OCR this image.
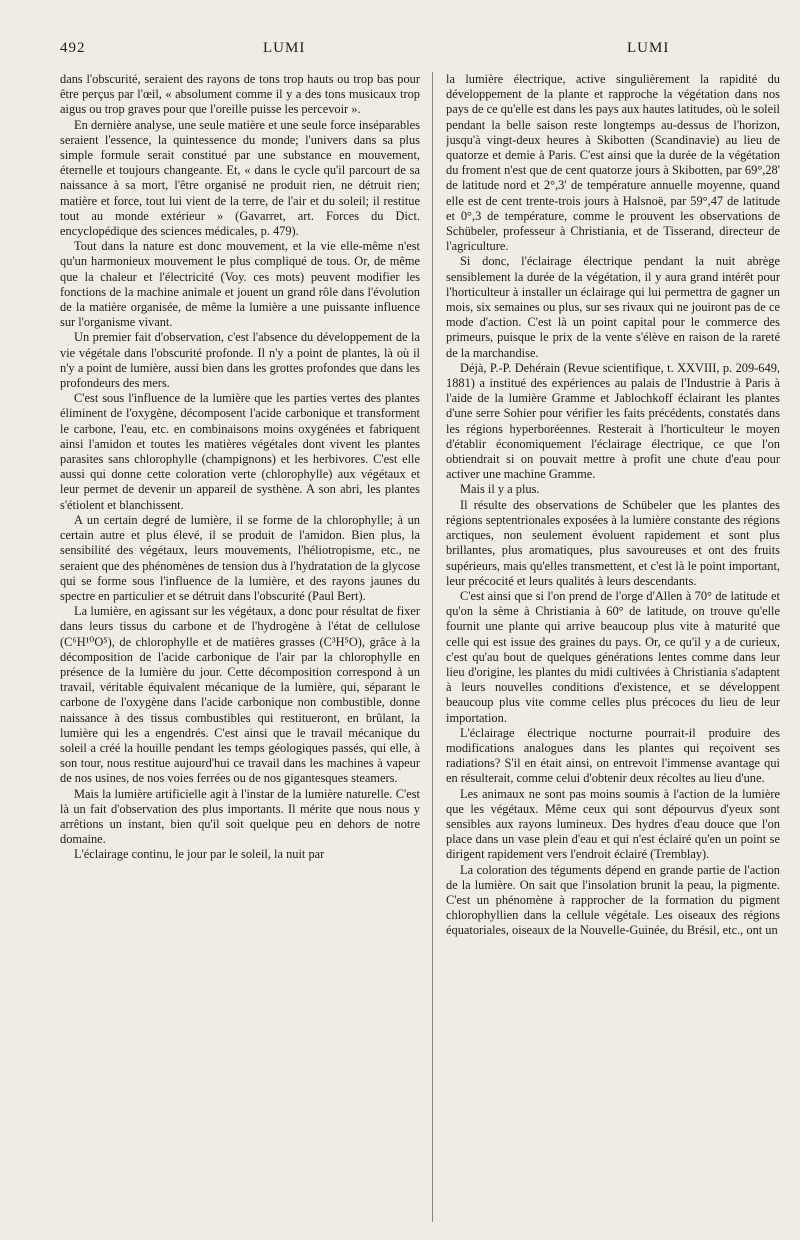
492	LUMI	LUMI

dans l'obscurité, seraient des rayons de tons trop hauts ou trop bas pour être perçus par l'œil, « absolument comme il y a des tons musicaux trop aigus ou trop graves pour que l'oreille puisse les percevoir ».

En dernière analyse, une seule matière et une seule force inséparables seraient l'essence, la quintessence du monde; l'univers dans sa plus simple formule serait constitué par une substance en mouvement, éternelle et toujours changeante. Et, « dans le cycle qu'il parcourt de sa naissance à sa mort, l'être organisé ne produit rien, ne détruit rien; matière et force, tout lui vient de la terre, de l'air et du soleil; il restitue tout au monde extérieur » (Gavarret, art. Forces du Dict. encyclopédique des sciences médicales, p. 479).

Tout dans la nature est donc mouvement, et la vie elle-même n'est qu'un harmonieux mouvement le plus compliqué de tous. Or, de même que la chaleur et l'électricité (Voy. ces mots) peuvent modifier les fonctions de la machine animale et jouent un grand rôle dans l'évolution de la matière organisée, de même la lumière a une puissante influence sur l'organisme vivant.

Un premier fait d'observation, c'est l'absence du développement de la vie végétale dans l'obscurité profonde. Il n'y a point de plantes, là où il n'y a point de lumière, aussi bien dans les grottes profondes que dans les profondeurs des mers.

C'est sous l'influence de la lumière que les parties vertes des plantes éliminent de l'oxygène, décomposent l'acide carbonique et transforment le carbone, l'eau, etc. en combinaisons moins oxygénées et fabriquent ainsi l'amidon et toutes les matières végétales dont vivent les plantes parasites sans chlorophylle (champignons) et les herbivores. C'est elle aussi qui donne cette coloration verte (chlorophylle) aux végétaux et leur permet de devenir un appareil de systhène. A son abri, les plantes s'étiolent et blanchissent.

A un certain degré de lumière, il se forme de la chlorophylle; à un certain autre et plus élevé, il se produit de l'amidon. Bien plus, la sensibilité des végétaux, leurs mouvements, l'héliotropisme, etc., ne seraient que des phénomènes de tension dus à l'hydratation de la glycose qui se forme sous l'influence de la lumière, et des rayons jaunes du spectre en particulier et se détruit dans l'obscurité (Paul Bert).

La lumière, en agissant sur les végétaux, a donc pour résultat de fixer dans leurs tissus du carbone et de l'hydrogène à l'état de cellulose (C⁶H¹⁰O⁵), de chlorophylle et de matières grasses (C³H⁵O), grâce à la décomposition de l'acide carbonique de l'air par la chlorophylle en présence de la lumière du jour. Cette décomposition correspond à un travail, véritable équivalent mécanique de la lumière, qui, séparant le carbone de l'oxygène dans l'acide carbonique non combustible, donne naissance à des tissus combustibles qui restitueront, en brûlant, la lumière qui les a engendrés. C'est ainsi que le travail mécanique du soleil a créé la houille pendant les temps géologiques passés, qui elle, à son tour, nous restitue aujourd'hui ce travail dans les machines à vapeur de nos usines, de nos voies ferrées ou de nos gigantesques steamers.

Mais la lumière artificielle agit à l'instar de la lumière naturelle. C'est là un fait d'observation des plus importants. Il mérite que nous nous y arrêtions un instant, bien qu'il soit quelque peu en dehors de notre domaine.

L'éclairage continu, le jour par le soleil, la nuit par

la lumière électrique, active singulièrement la rapidité du développement de la plante et rapproche la végétation dans nos pays de ce qu'elle est dans les pays aux hautes latitudes, où le soleil pendant la belle saison reste longtemps au-dessus de l'horizon, jusqu'à vingt-deux heures à Skibotten (Scandinavie) au lieu de quatorze et demie à Paris. C'est ainsi que la durée de la végétation du froment n'est que de cent quatorze jours à Skibotten, par 69°,28' de latitude nord et 2°,3' de température annuelle moyenne, quand elle est de cent trente-trois jours à Halsnoë, par 59°,47 de latitude et 0°,3 de température, comme le prouvent les observations de Schübeler, professeur à Christiania, et de Tisserand, directeur de l'agriculture.

Si donc, l'éclairage électrique pendant la nuit abrège sensiblement la durée de la végétation, il y aura grand intérêt pour l'horticulteur à installer un éclairage qui lui permettra de gagner un mois, six semaines ou plus, sur ses rivaux qui ne jouiront pas de ce mode d'action. C'est là un point capital pour le commerce des primeurs, puisque le prix de la vente s'élève en raison de la rareté de la marchandise.

Déjà, P.-P. Dehérain (Revue scientifique, t. XXVIII, p. 209-649, 1881) a institué des expériences au palais de l'Industrie à Paris à l'aide de la lumière Gramme et Jablochkoff éclairant les plantes d'une serre Sohier pour vérifier les faits précédents, constatés dans les régions hyperboréennes. Resterait à l'horticulteur le moyen d'établir économiquement l'éclairage électrique, ce que l'on obtiendrait si on pouvait mettre à profit une chute d'eau pour activer une machine Gramme.

Mais il y a plus.

Il résulte des observations de Schübeler que les plantes des régions septentrionales exposées à la lumière constante des régions arctiques, non seulement évoluent rapidement et sont plus brillantes, plus aromatiques, plus savoureuses et ont des fruits supérieurs, mais qu'elles transmettent, et c'est là le point important, leur précocité et leurs qualités à leurs descendants.

C'est ainsi que si l'on prend de l'orge d'Allen à 70° de latitude et qu'on la sème à Christiania à 60° de latitude, on trouve qu'elle fournit une plante qui arrive beaucoup plus vite à maturité que celle qui est issue des graines du pays. Or, ce qu'il y a de curieux, c'est qu'au bout de quelques générations lentes comme dans leur lieu d'origine, les plantes du midi cultivées à Christiania s'adaptent à leurs nouvelles conditions d'existence, et se développent beaucoup plus vite comme celles plus précoces du lieu de leur importation.

L'éclairage électrique nocturne pourrait-il produire des modifications analogues dans les plantes qui reçoivent ses radiations? S'il en était ainsi, on entrevoit l'immense avantage qui en résulterait, comme celui d'obtenir deux récoltes au lieu d'une.

Les animaux ne sont pas moins soumis à l'action de la lumière que les végétaux. Même ceux qui sont dépourvus d'yeux sont sensibles aux rayons lumineux. Des hydres d'eau douce que l'on place dans un vase plein d'eau et qui n'est éclairé qu'en un point se dirigent rapidement vers l'endroit éclairé (Tremblay).

La coloration des téguments dépend en grande partie de l'action de la lumière. On sait que l'insolation brunit la peau, la pigmente. C'est un phénomène à rapprocher de la formation du pigment chlorophyllien dans la cellule végétale. Les oiseaux des régions équatoriales, oiseaux de la Nouvelle-Guinée, du Brésil, etc., ont un
